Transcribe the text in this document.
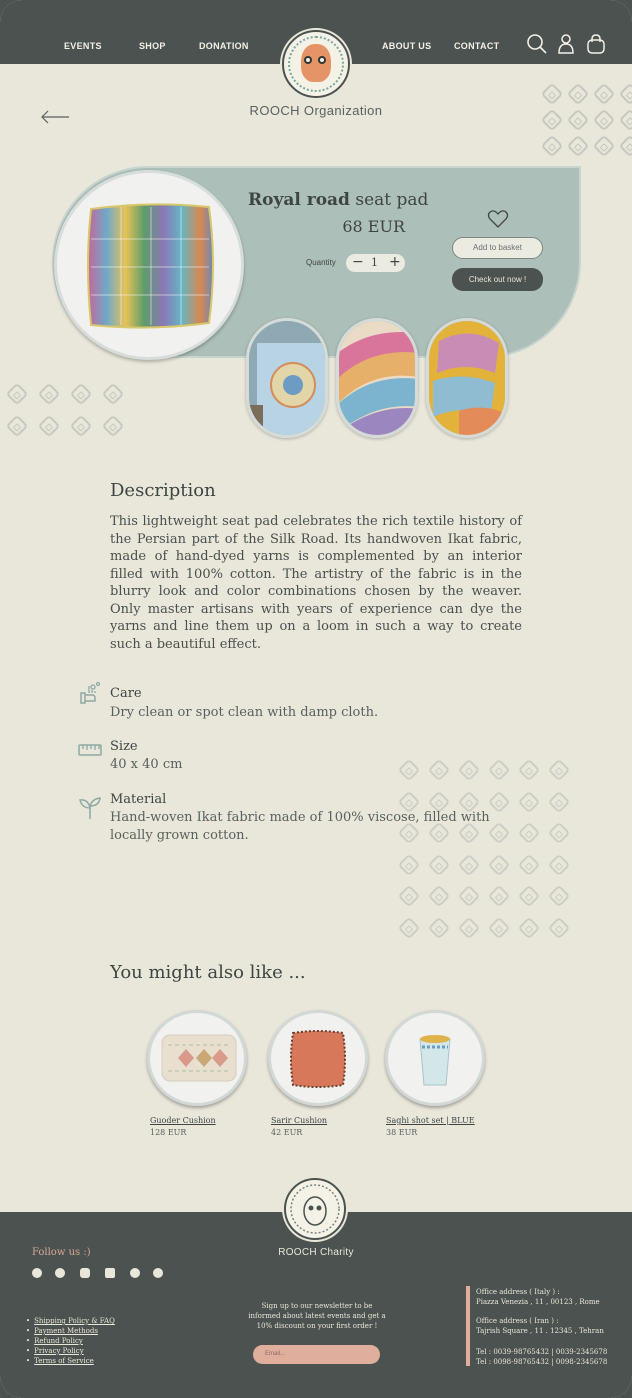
EVENTS	SHOP	DONATION	ABOUT US	CONTACT
ROOCH Organization
Royal road seat pad
68 EUR
Quantity − 1 +
Add to basket
Check out now !
Description

This lightweight seat pad celebrates the rich textile history of the Persian part of the Silk Road. Its handwoven Ikat fabric, made of hand-dyed yarns is complemented by an interior filled with 100% cotton. The artistry of the fabric is in the blurry look and color combinations chosen by the weaver. Only master artisans with years of experience can dye the yarns and line them up on a loom in such a way to create such a beautiful effect.

Care
Dry clean or spot clean with damp cloth.
Size
40 x 40 cm
Material
Hand-woven Ikat fabric made of 100% viscose, filled with locally grown cotton.
You might also like ...
Guoder Cushion
128 EUR
Sarir Cushion
42 EUR
Saghi shot set | BLUE
38 EUR
Follow us :)	ROOCH Charity
• Shipping Policy & FAQ
• Payment Methods
• Refund Policy
• Privacy Policy
• Terms of Service
Sign up to our newsletter to be informed about latest events and get a 10% discount on your first order !
Email...
Office address ( Italy ) :
Piazza Venezia , 11 , 00123 , Rome
Office address ( Iran ) :
Tajrish Square , 11 . 12345 , Tehran
Tel : 0039-98765432 | 0039-2345678
Tel : 0098-98765432 | 0098-2345678
